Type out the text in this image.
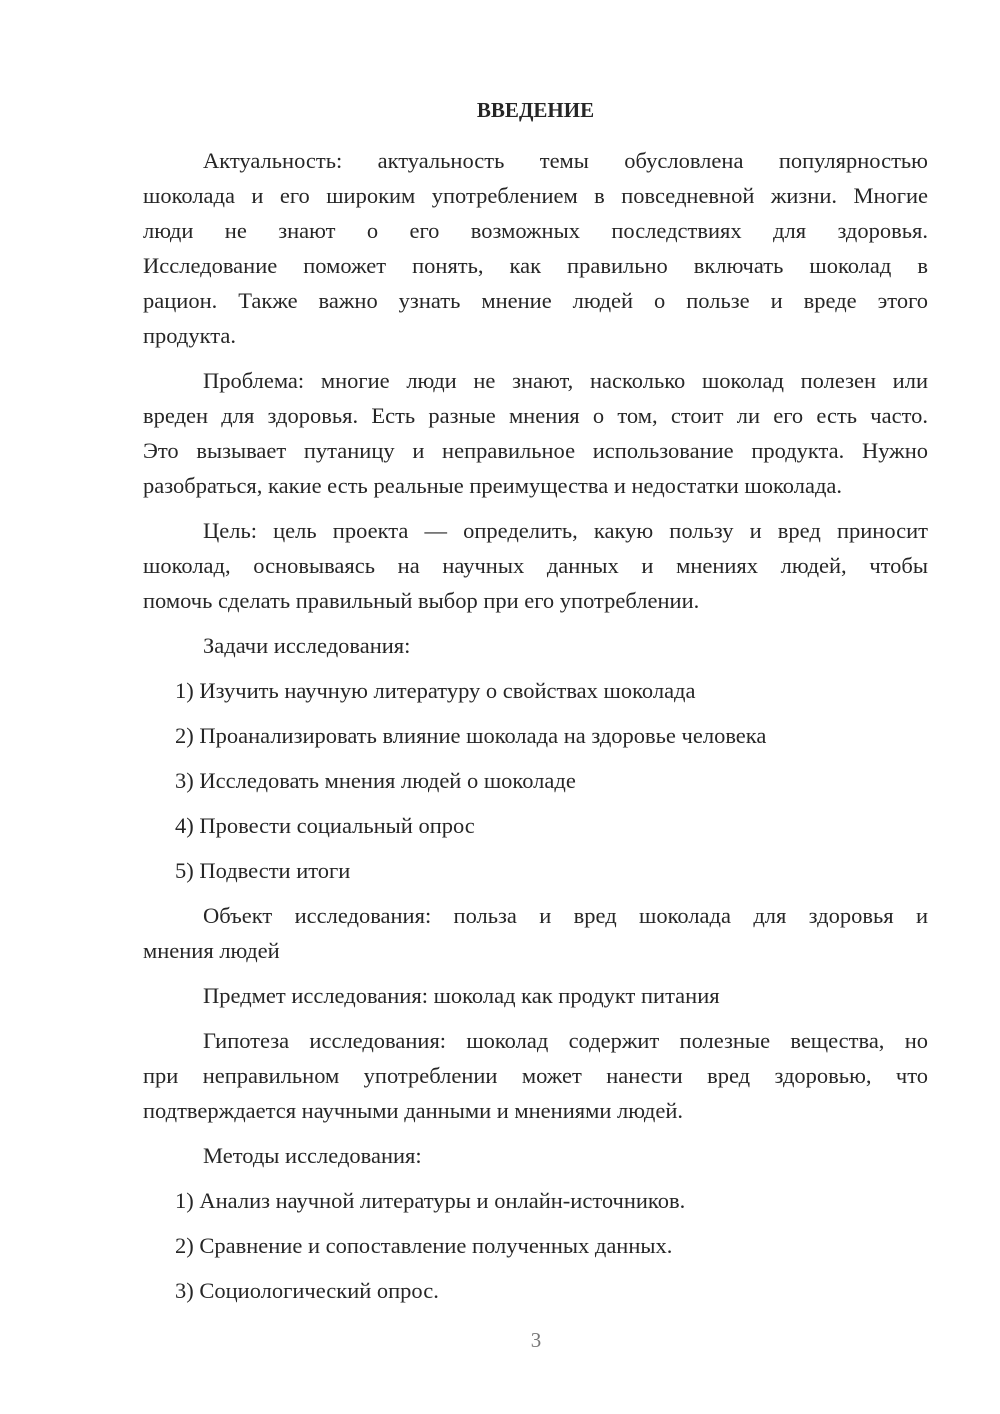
ВВЕДЕНИЕ
Актуальность: актуальность темы обусловлена популярностью
шоколада и его широким употреблением в повседневной жизни. Многие
люди не знают о его возможных последствиях для здоровья.
Исследование поможет понять, как правильно включать шоколад в
рацион. Также важно узнать мнение людей о пользе и вреде этого
продукта.
Проблема: многие люди не знают, насколько шоколад полезен или
вреден для здоровья. Есть разные мнения о том, стоит ли его есть часто.
Это вызывает путаницу и неправильное использование продукта. Нужно
разобраться, какие есть реальные преимущества и недостатки шоколада.
Цель: цель проекта — определить, какую пользу и вред приносит
шоколад, основываясь на научных данных и мнениях людей, чтобы
помочь сделать правильный выбор при его употреблении.
Задачи исследования:
1) Изучить научную литературу о свойствах шоколада
2) Проанализировать влияние шоколада на здоровье человека
3) Исследовать мнения людей о шоколаде
4) Провести социальный опрос
5) Подвести итоги
Объект исследования: польза и вред шоколада для здоровья и
мнения людей
Предмет исследования: шоколад как продукт питания
Гипотеза исследования: шоколад содержит полезные вещества, но
при неправильном употреблении может нанести вред здоровью, что
подтверждается научными данными и мнениями людей.
Методы исследования:
1) Анализ научной литературы и онлайн-источников.
2) Сравнение и сопоставление полученных данных.
3) Социологический опрос.
3
